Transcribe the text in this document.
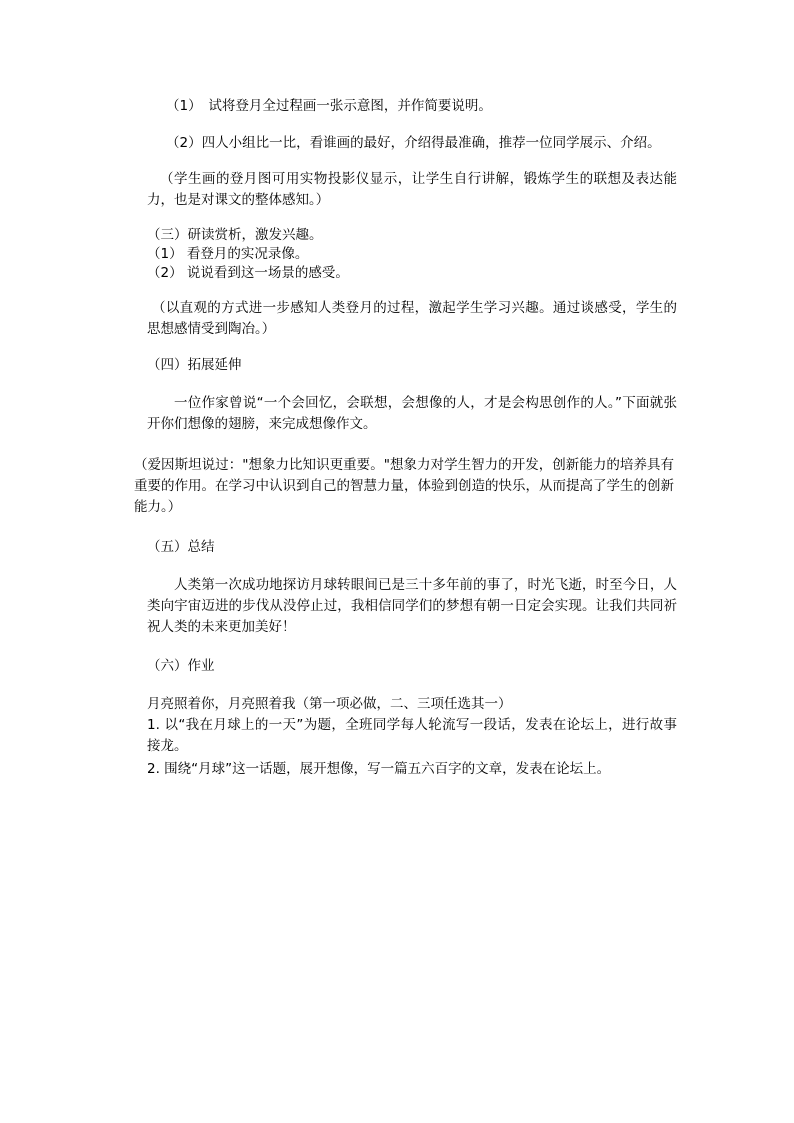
（1）　试将登月全过程画一张示意图，并作简要说明。
（2）四人小组比一比，看谁画的最好，介绍得最准确，推荐一位同学展示、介绍。
（学生画的登月图可用实物投影仪显示，让学生自行讲解，锻炼学生的联想及表达能力，也是对课文的整体感知。）
（三）研读赏析，激发兴趣。
（1） 看登月的实况录像。
（2） 说说看到这一场景的感受。
（以直观的方式进一步感知人类登月的过程，激起学生学习兴趣。通过谈感受，学生的思想感情受到陶冶。）
（四）拓展延伸
一位作家曾说“一个会回忆，会联想，会想像的人，才是会构思创作的人。”下面就张开你们想像的翅膀，来完成想像作文。
（爱因斯坦说过："想象力比知识更重要。"想象力对学生智力的开发，创新能力的培养具有重要的作用。在学习中认识到自己的智慧力量，体验到创造的快乐，从而提高了学生的创新能力。）
（五）总结
人类第一次成功地探访月球转眼间已是三十多年前的事了，时光飞逝，时至今日，人类向宇宙迈进的步伐从没停止过，我相信同学们的梦想有朝一日定会实现。让我们共同祈祝人类的未来更加美好！
（六）作业
月亮照着你，月亮照着我（第一项必做，二、三项任选其一）
1. 以“我在月球上的一天”为题，全班同学每人轮流写一段话，发表在论坛上，进行故事接龙。
2. 围绕“月球”这一话题，展开想像，写一篇五六百字的文章，发表在论坛上。
